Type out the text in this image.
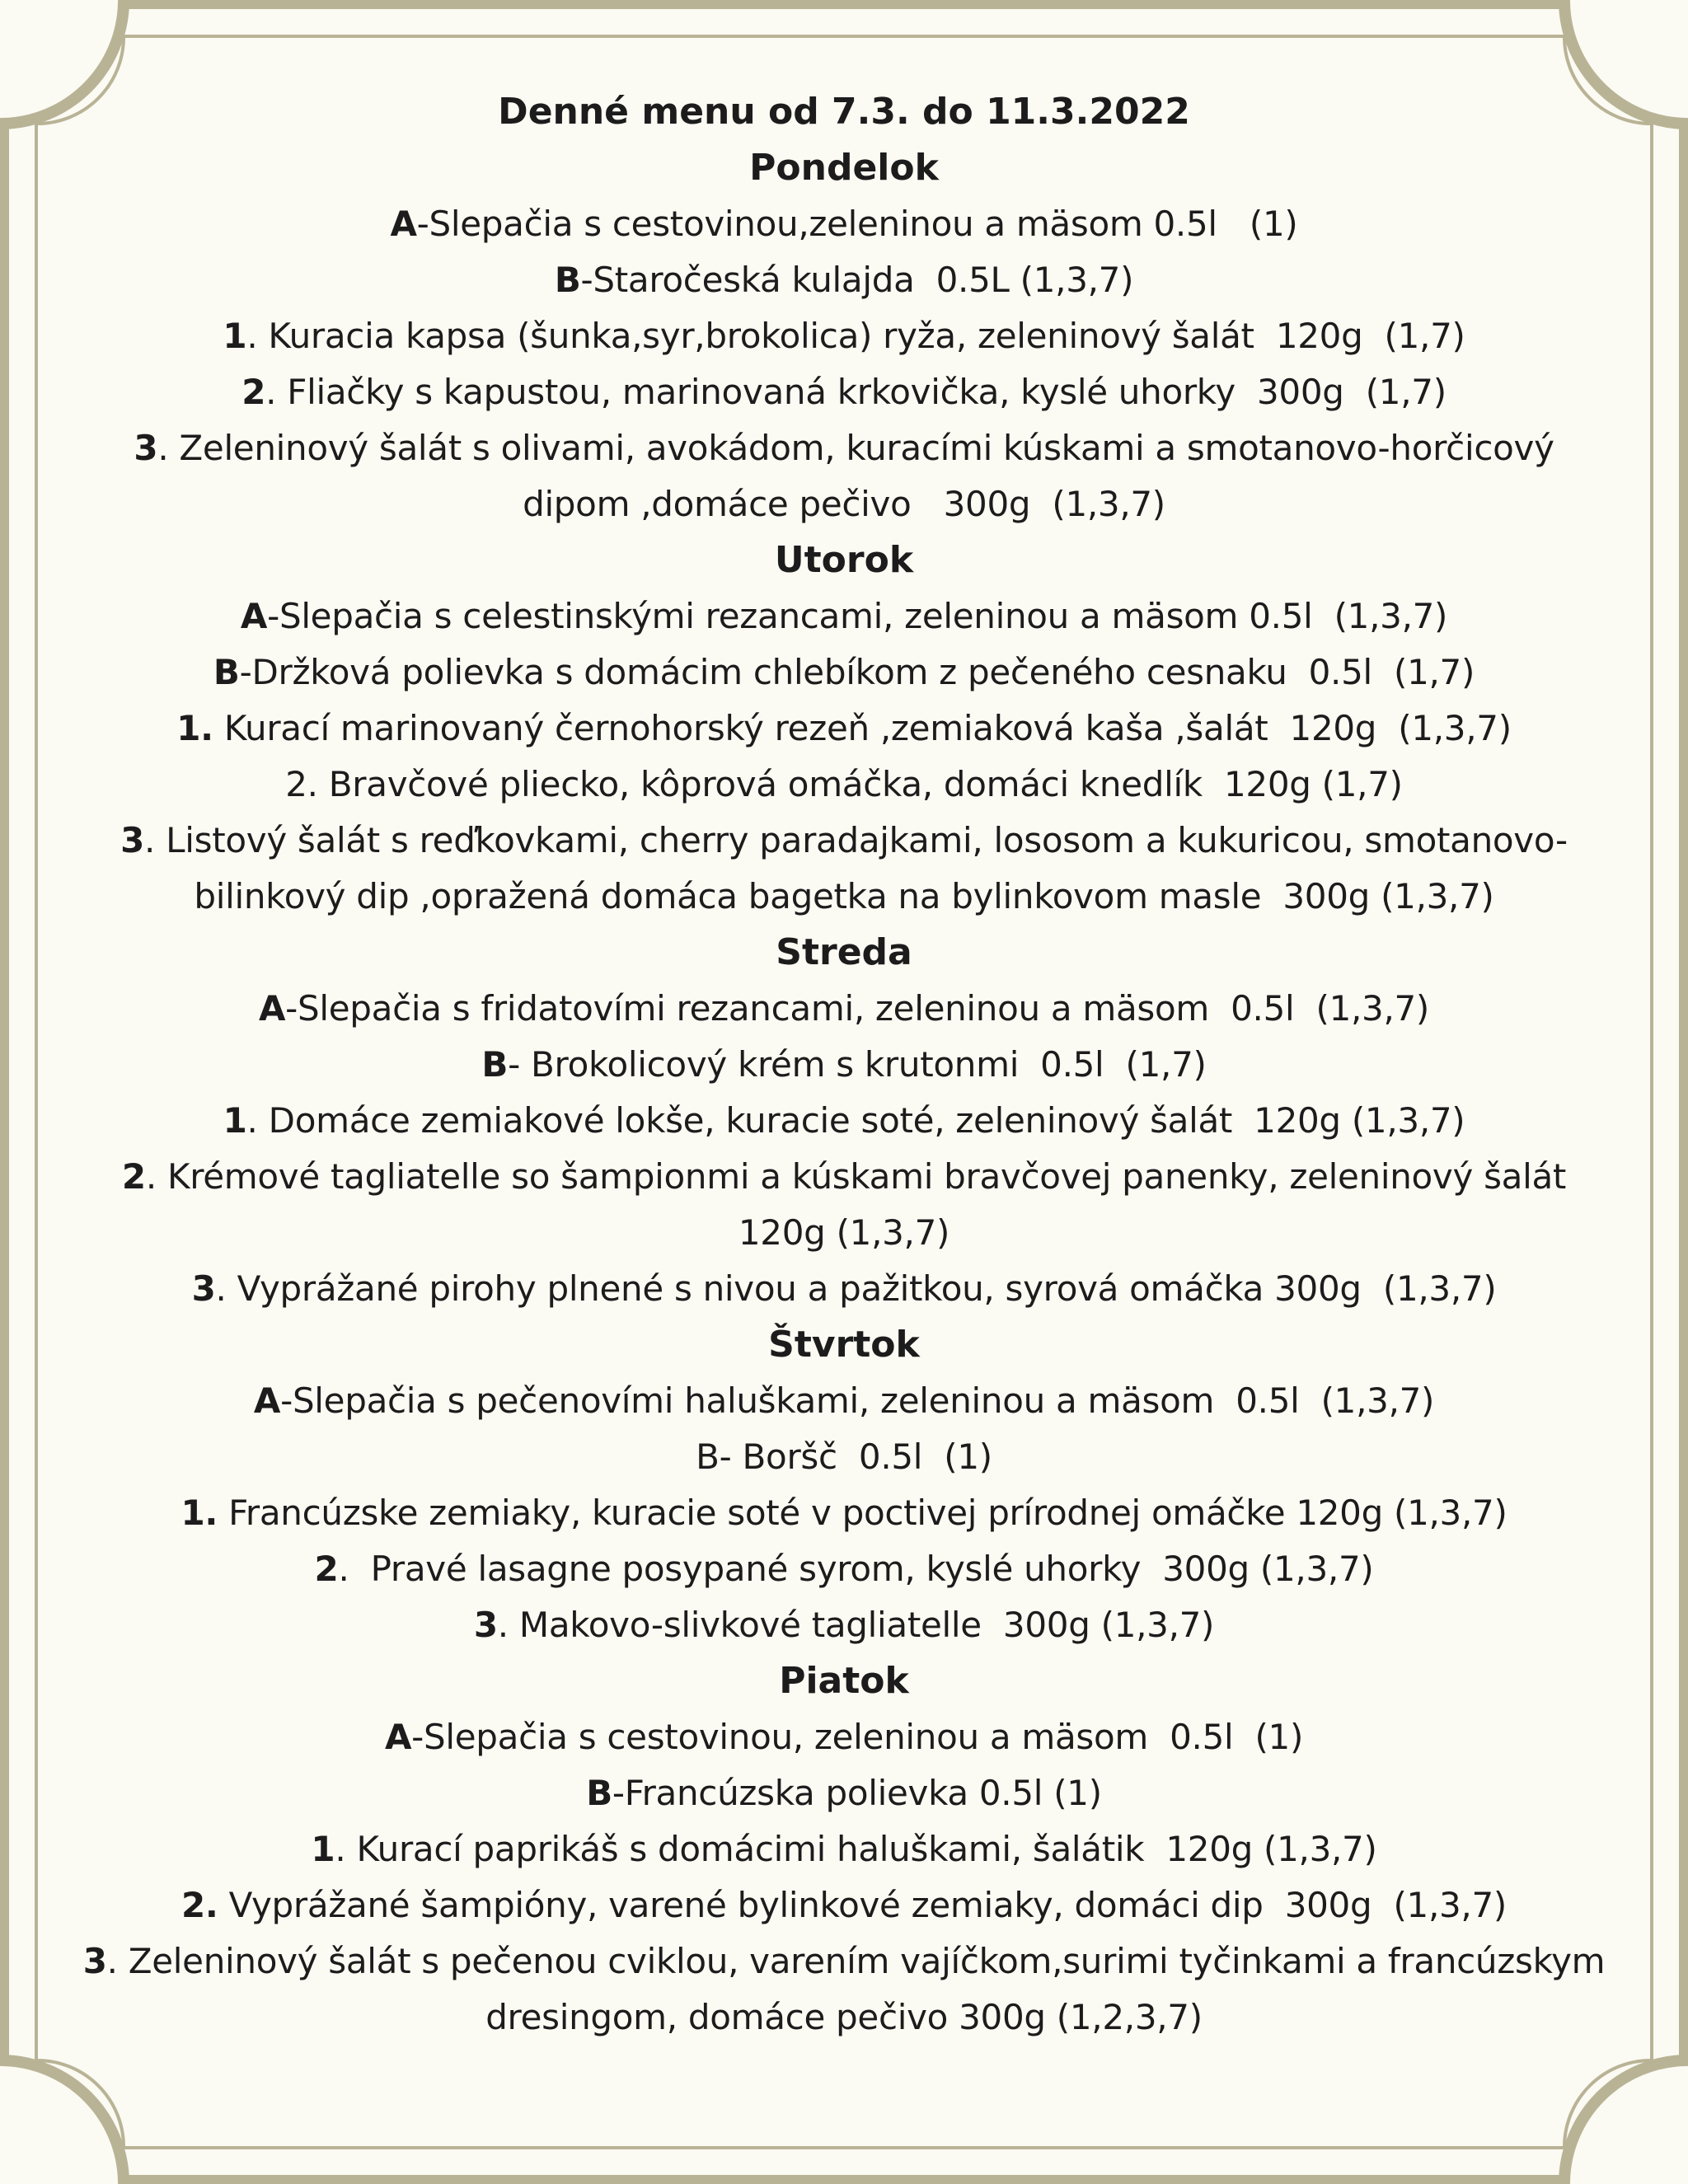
Denné menu od 7.3. do 11.3.2022

Pondelok

A-Slepačia s cestovinou,zeleninou a mäsom 0.5l   (1)

B-Staročeská kulajda  0.5L (1,3,7)

1. Kuracia kapsa (šunka,syr,brokolica) ryža, zeleninový šalát  120g  (1,7)

2. Fliačky s kapustou, marinovaná krkovička, kyslé uhorky  300g  (1,7)

3. Zeleninový šalát s olivami, avokádom, kuracími kúskami a smotanovo-horčicový dipom ,domáce pečivo   300g  (1,3,7)

Utorok

A-Slepačia s celestinskými rezancami, zeleninou a mäsom 0.5l  (1,3,7)

B-Držková polievka s domácim chlebíkom z pečeného cesnaku  0.5l  (1,7)

1. Kurací marinovaný černohorský rezeň ,zemiaková kaša ,šalát  120g  (1,3,7)

2. Bravčové pliecko, kôprová omáčka, domáci knedlík  120g (1,7)

3. Listový šalát s reďkovkami, cherry paradajkami, lososom a kukuricou, smotanovo-bilinkový dip ,opražená domáca bagetka na bylinkovom masle  300g (1,3,7)

Streda

A-Slepačia s fridatovími rezancami, zeleninou a mäsom  0.5l  (1,3,7)

B- Brokolicový krém s krutonmi  0.5l  (1,7)

1. Domáce zemiakové lokše, kuracie soté, zeleninový šalát  120g (1,3,7)

2. Krémové tagliatelle so šampionmi a kúskami bravčovej panenky, zeleninový šalát 120g (1,3,7)

3. Vyprážané pirohy plnené s nivou a pažitkou, syrová omáčka 300g  (1,3,7)

Štvrtok

A-Slepačia s pečenovími haluškami, zeleninou a mäsom  0.5l  (1,3,7)

B- Boršč  0.5l  (1)

1. Francúzske zemiaky, kuracie soté v poctivej prírodnej omáčke 120g (1,3,7)

2.  Pravé lasagne posypané syrom, kyslé uhorky  300g (1,3,7)

3. Makovo-slivkové tagliatelle  300g (1,3,7)

Piatok

A-Slepačia s cestovinou, zeleninou a mäsom  0.5l  (1)

B-Francúzska polievka 0.5l (1)

1. Kurací paprikáš s domácimi haluškami, šalátik  120g (1,3,7)

2. Vyprážané šampióny, varené bylinkové zemiaky, domáci dip  300g  (1,3,7)

3. Zeleninový šalát s pečenou cviklou, varením vajíčkom,surimi tyčinkami a francúzskym dresingom, domáce pečivo 300g (1,2,3,7)
